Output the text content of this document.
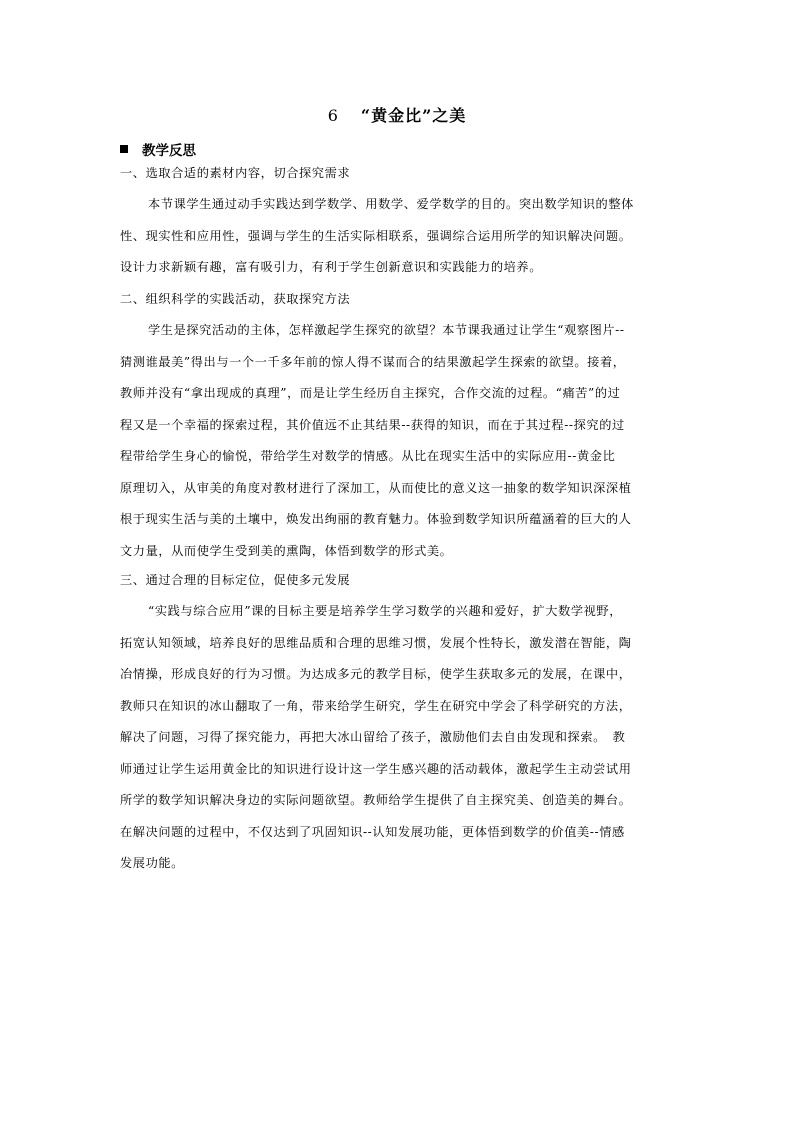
6 “黄金比”之美
教学反思
一、选取合适的素材内容，切合探究需求

本节课学生通过动手实践达到学数学、用数学、爱学数学的目的。突出数学知识的整体
性、现实性和应用性，强调与学生的生活实际相联系，强调综合运用所学的知识解决问题。
设计力求新颖有趣，富有吸引力，有利于学生创新意识和实践能力的培养。

二、组织科学的实践活动，获取探究方法

学生是探究活动的主体，怎样激起学生探究的欲望？本节课我通过让学生“观察图片--
猜测谁最美”得出与一个一千多年前的惊人得不谋而合的结果激起学生探索的欲望。接着，
教师并没有“拿出现成的真理”，而是让学生经历自主探究，合作交流的过程。“痛苦”的过
程又是一个幸福的探索过程，其价值远不止其结果--获得的知识，而在于其过程--探究的过
程带给学生身心的愉悦，带给学生对数学的情感。从比在现实生活中的实际应用--黄金比
原理切入，从审美的角度对教材进行了深加工，从而使比的意义这一抽象的数学知识深深植
根于现实生活与美的土壤中，焕发出绚丽的教育魅力。体验到数学知识所蕴涵着的巨大的人
文力量，从而使学生受到美的熏陶，体悟到数学的形式美。

三、通过合理的目标定位，促使多元发展

“实践与综合应用”课的目标主要是培养学生学习数学的兴趣和爱好，扩大数学视野，
拓宽认知领域，培养良好的思维品质和合理的思维习惯，发展个性特长，激发潜在智能，陶
冶情操，形成良好的行为习惯。为达成多元的教学目标，使学生获取多元的发展，在课中，
教师只在知识的冰山翻取了一角，带来给学生研究，学生在研究中学会了科学研究的方法，
解决了问题，习得了探究能力，再把大冰山留给了孩子，激励他们去自由发现和探索。　教
师通过让学生运用黄金比的知识进行设计这一学生感兴趣的活动载体，激起学生主动尝试用
所学的数学知识解决身边的实际问题欲望。教师给学生提供了自主探究美、创造美的舞台。
在解决问题的过程中，不仅达到了巩固知识--认知发展功能，更体悟到数学的价值美--情感
发展功能。
